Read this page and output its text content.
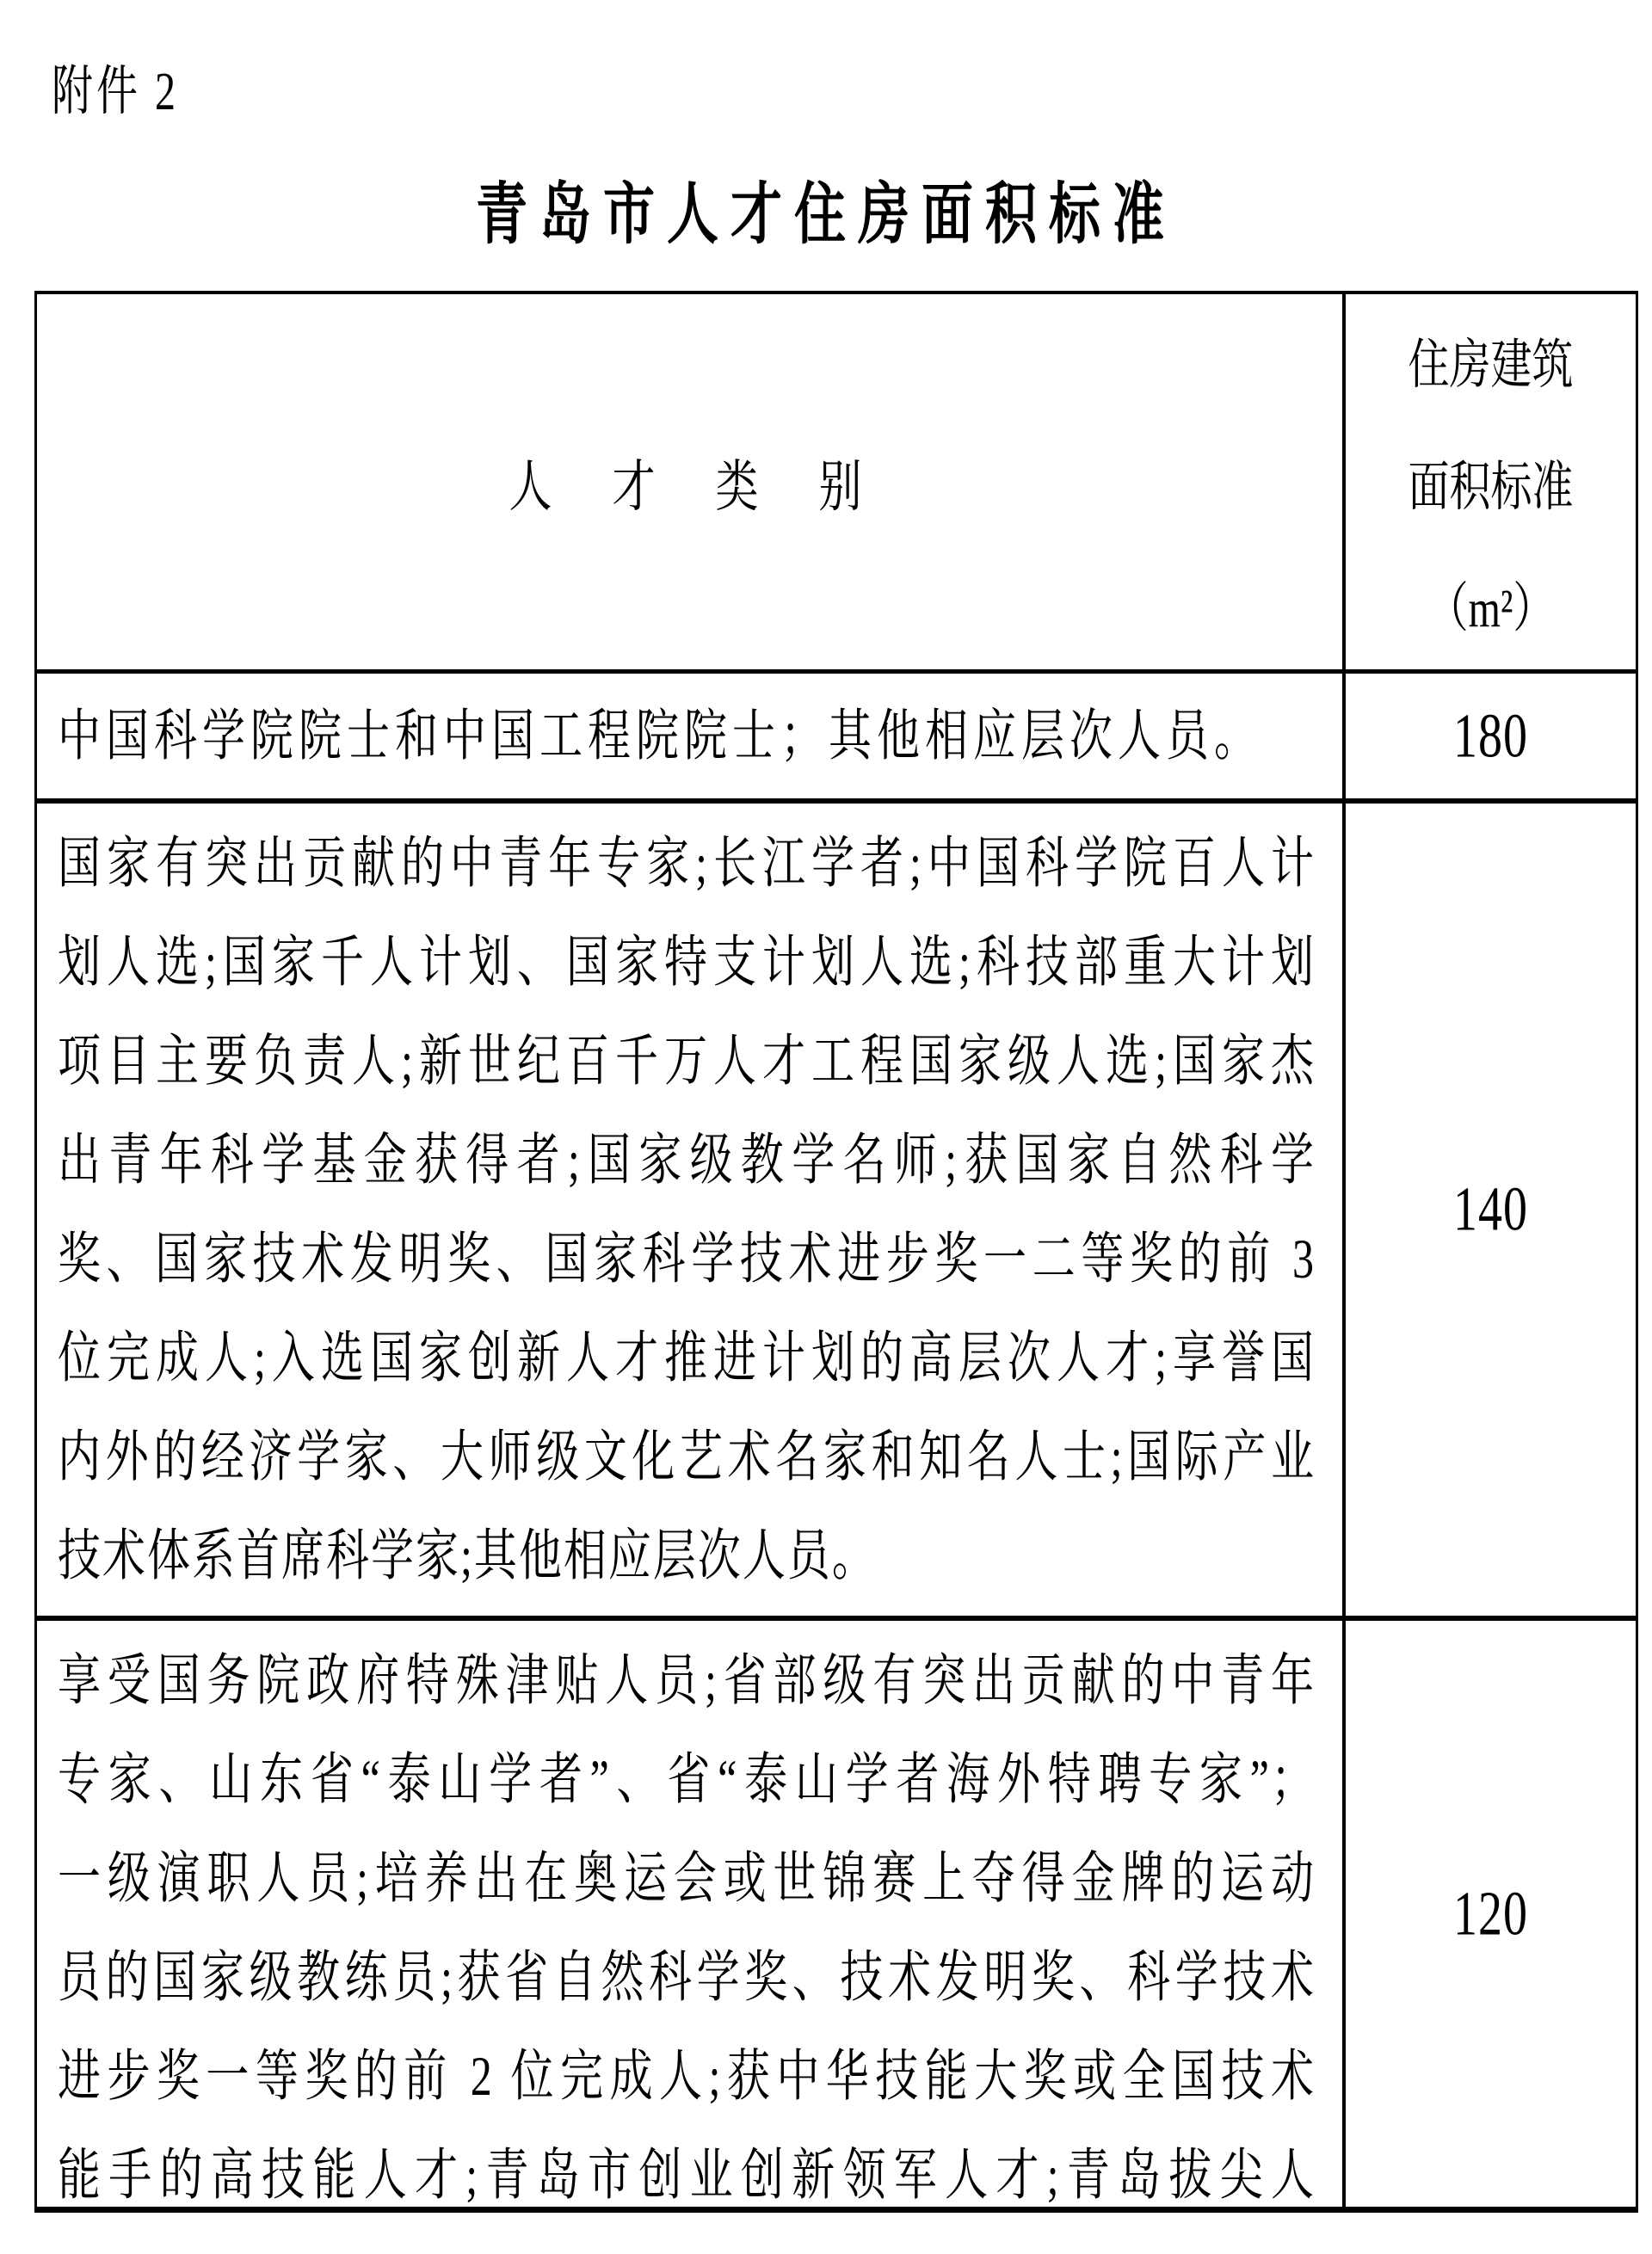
附件 2
青岛市人才住房面积标准
人　才　类　别
住房建筑
面积标准
（m²）
中国科学院院士和中国工程院院士；其他相应层次人员。	180
国家有突出贡献的中青年专家;长江学者;中国科学院百人计
划人选;国家千人计划、国家特支计划人选;科技部重大计划
项目主要负责人;新世纪百千万人才工程国家级人选;国家杰
出青年科学基金获得者;国家级教学名师;获国家自然科学
奖、国家技术发明奖、国家科学技术进步奖一二等奖的前 3
位完成人;入选国家创新人才推进计划的高层次人才;享誉国
内外的经济学家、大师级文化艺术名家和知名人士;国际产业
技术体系首席科学家;其他相应层次人员。
140
享受国务院政府特殊津贴人员;省部级有突出贡献的中青年
专家、山东省“泰山学者”、省“泰山学者海外特聘专家”；
一级演职人员;培养出在奥运会或世锦赛上夺得金牌的运动
员的国家级教练员;获省自然科学奖、技术发明奖、科学技术
进步奖一等奖的前 2 位完成人;获中华技能大奖或全国技术
能手的高技能人才;青岛市创业创新领军人才;青岛拔尖人
120
